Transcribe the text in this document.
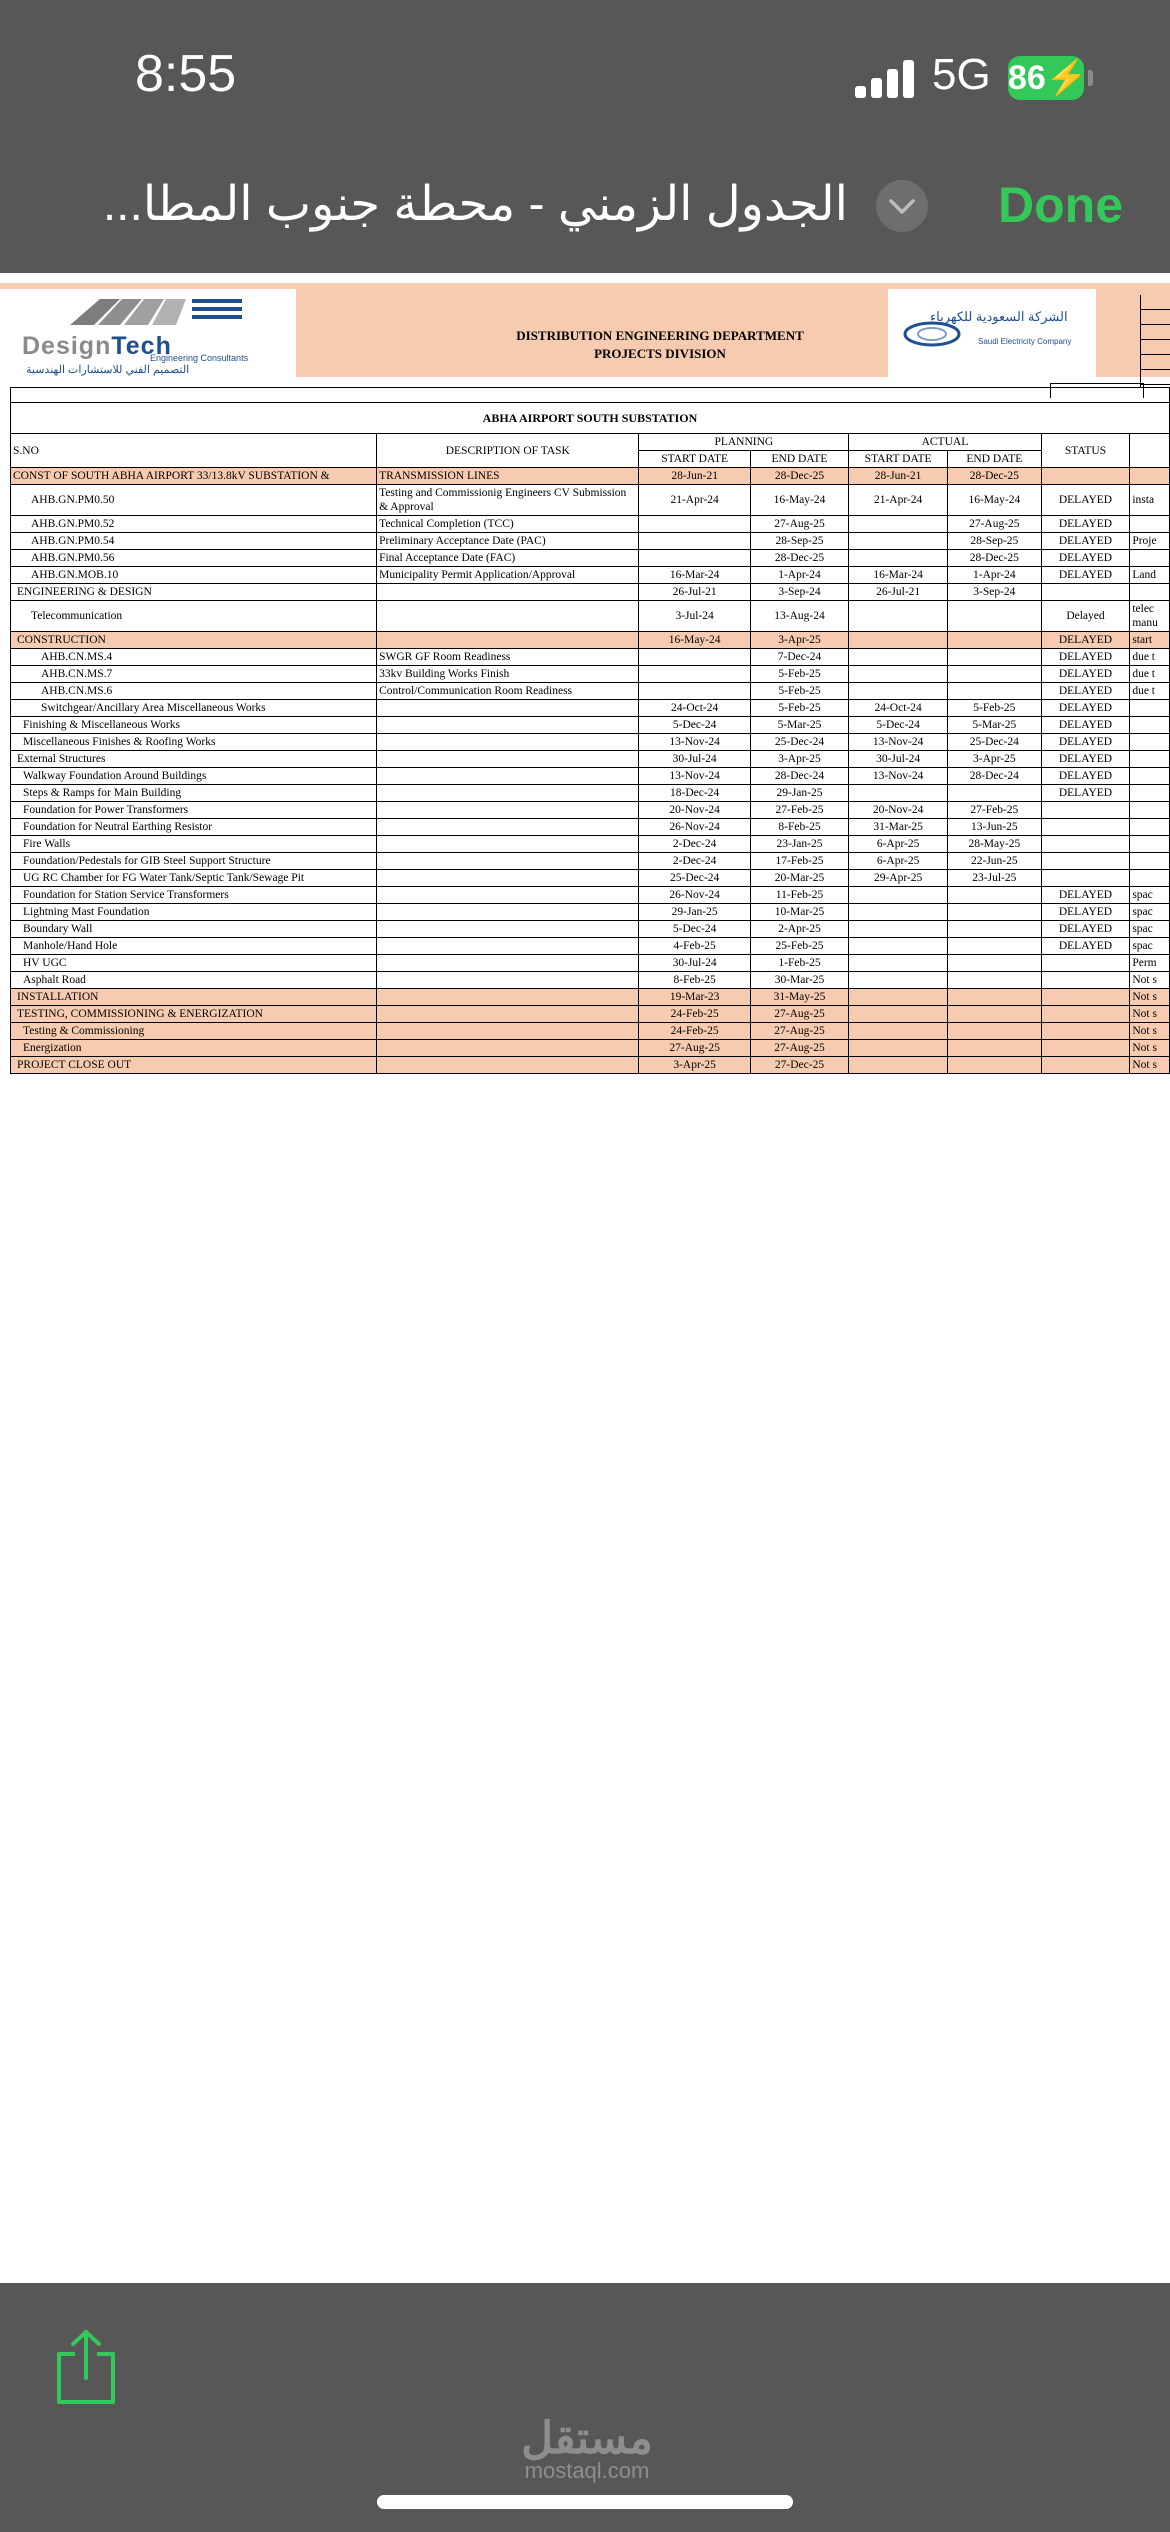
8:55	5G 86⚡
الجدول الزمني - محطة جنوب المطا...	Done
DesignTech
Engineering Consultants
التصميم الفني للاستشارات الهندسية
DISTRIBUTION ENGINEERING DEPARTMENT
PROJECTS DIVISION
الشركة السعودية للكهرباء
Saudi Electricity Company

ABHA AIRPORT SOUTH SUBSTATION							
S.NO	DESCRIPTION OF TASK	PLANNING		ACTUAL		STATUS	
		START DATE	END DATE	START DATE	END DATE		
CONST OF SOUTH ABHA AIRPORT 33/13.8kV SUBSTATION &	TRANSMISSION LINES	28-Jun-21	28-Dec-25	28-Jun-21	28-Dec-25		
AHB.GN.PM0.50	Testing and Commissionig Engineers CV Submission & Approval	21-Apr-24	16-May-24	21-Apr-24	16-May-24	DELAYED	insta
AHB.GN.PM0.52	Technical Completion (TCC)		27-Aug-25		27-Aug-25	DELAYED	
AHB.GN.PM0.54	Preliminary Acceptance Date (PAC)		28-Sep-25		28-Sep-25	DELAYED	Proje
AHB.GN.PM0.56	Final Acceptance Date (FAC)		28-Dec-25		28-Dec-25	DELAYED	
AHB.GN.MOB.10	Municipality Permit Application/Approval	16-Mar-24	1-Apr-24	16-Mar-24	1-Apr-24	DELAYED	Land
ENGINEERING & DESIGN		26-Jul-21	3-Sep-24	26-Jul-21	3-Sep-24		
Telecommunication		3-Jul-24	13-Aug-24			Delayed	telec manu
CONSTRUCTION		16-May-24	3-Apr-25			DELAYED	start
AHB.CN.MS.4	SWGR GF Room Readiness		7-Dec-24			DELAYED	due t
AHB.CN.MS.7	33kv Building Works Finish		5-Feb-25			DELAYED	due t
AHB.CN.MS.6	Control/Communication Room Readiness		5-Feb-25			DELAYED	due t
Switchgear/Ancillary Area Miscellaneous Works		24-Oct-24	5-Feb-25	24-Oct-24	5-Feb-25	DELAYED	
Finishing & Miscellaneous Works		5-Dec-24	5-Mar-25	5-Dec-24	5-Mar-25	DELAYED	
Miscellaneous Finishes & Roofing Works		13-Nov-24	25-Dec-24	13-Nov-24	25-Dec-24	DELAYED	
External Structures		30-Jul-24	3-Apr-25	30-Jul-24	3-Apr-25	DELAYED	
Walkway Foundation Around Buildings		13-Nov-24	28-Dec-24	13-Nov-24	28-Dec-24	DELAYED	
Steps & Ramps for Main Building		18-Dec-24	29-Jan-25			DELAYED	
Foundation for Power Transformers		20-Nov-24	27-Feb-25	20-Nov-24	27-Feb-25		
Foundation for Neutral Earthing Resistor		26-Nov-24	8-Feb-25	31-Mar-25	13-Jun-25		
Fire Walls		2-Dec-24	23-Jan-25	6-Apr-25	28-May-25		
Foundation/Pedestals for GIB Steel Support Structure		2-Dec-24	17-Feb-25	6-Apr-25	22-Jun-25		
UG RC Chamber for FG Water Tank/Septic Tank/Sewage Pit		25-Dec-24	20-Mar-25	29-Apr-25	23-Jul-25		
Foundation for Station Service Transformers		26-Nov-24	11-Feb-25			DELAYED	spac
Lightning Mast Foundation		29-Jan-25	10-Mar-25			DELAYED	spac
Boundary Wall		5-Dec-24	2-Apr-25			DELAYED	spac
Manhole/Hand Hole		4-Feb-25	25-Feb-25			DELAYED	spac
HV UGC		30-Jul-24	1-Feb-25				Perm
Asphalt Road		8-Feb-25	30-Mar-25				Not s
INSTALLATION		19-Mar-23	31-May-25				Not s
TESTING, COMMISSIONING & ENERGIZATION		24-Feb-25	27-Aug-25				Not s
Testing & Commissioning		24-Feb-25	27-Aug-25				Not s
Energization		27-Aug-25	27-Aug-25				Not s
PROJECT CLOSE OUT		3-Apr-25	27-Dec-25				Not s
مستقل
mostaql.com
